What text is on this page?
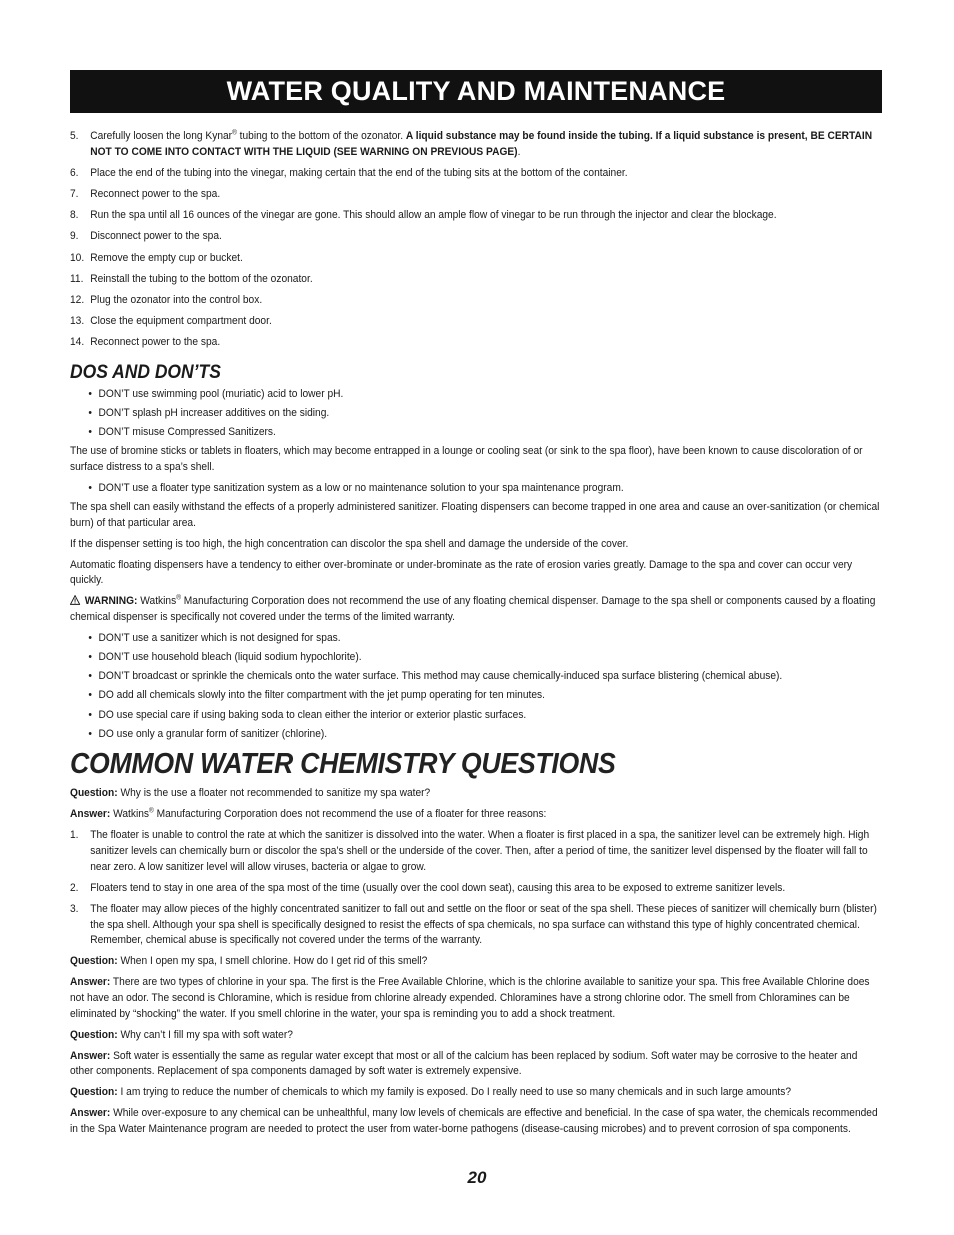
WATER QUALITY AND MAINTENANCE
5.	Carefully loosen the long Kynar® tubing to the bottom of the ozonator. A liquid substance may be found inside the tubing. If a liquid substance is present, BE CERTAIN NOT TO COME INTO CONTACT WITH THE LIQUID (SEE WARNING ON PREVIOUS PAGE).
6.	Place the end of the tubing into the vinegar, making certain that the end of the tubing sits at the bottom of the container.
7.	Reconnect power to the spa.
8.	Run the spa until all 16 ounces of the vinegar are gone. This should allow an ample flow of vinegar to be run through the injector and clear the blockage.
9.	Disconnect power to the spa.
10. Remove the empty cup or bucket.
11. Reinstall the tubing to the bottom of the ozonator.
12. Plug the ozonator into the control box.
13. Close the equipment compartment door.
14. Reconnect power to the spa.
DOS AND DON’TS
• DON’T use swimming pool (muriatic) acid to lower pH.
• DON’T splash pH increaser additives on the siding.
• DON’T misuse Compressed Sanitizers.

The use of bromine sticks or tablets in floaters, which may become entrapped in a lounge or cooling seat (or sink to the spa floor), have been known to cause discoloration of or surface distress to a spa’s shell.

• DON’T use a floater type sanitization system as a low or no maintenance solution to your spa maintenance program.

The spa shell can easily withstand the effects of a properly administered sanitizer. Floating dispensers can become trapped in one area and cause an over-sanitization (or chemical burn) of that particular area.

If the dispenser setting is too high, the high concentration can discolor the spa shell and damage the underside of the cover.

Automatic floating dispensers have a tendency to either over-brominate or under-brominate as the rate of erosion varies greatly. Damage to the spa and cover can occur very quickly.

WARNING: Watkins® Manufacturing Corporation does not recommend the use of any floating chemical dispenser. Damage to the spa shell or components caused by a floating chemical dispenser is specifically not covered under the terms of the limited warranty.

• DON’T use a sanitizer which is not designed for spas.
• DON’T use household bleach (liquid sodium hypochlorite).
• DON’T broadcast or sprinkle the chemicals onto the water surface. This method may cause chemically-induced spa surface blistering (chemical abuse).
• DO add all chemicals slowly into the filter compartment with the jet pump operating for ten minutes.
• DO use special care if using baking soda to clean either the interior or exterior plastic surfaces.
• DO use only a granular form of sanitizer (chlorine).
COMMON WATER CHEMISTRY QUESTIONS

Question: Why is the use a floater not recommended to sanitize my spa water?

Answer: Watkins® Manufacturing Corporation does not recommend the use of a floater for three reasons:

1.	The floater is unable to control the rate at which the sanitizer is dissolved into the water. When a floater is first placed in a spa, the sanitizer level can be extremely high. High sanitizer levels can chemically burn or discolor the spa’s shell or the underside of the cover. Then, after a period of time, the sanitizer level dispensed by the floater will fall to near zero. A low sanitizer level will allow viruses, bacteria or algae to grow.
2.	Floaters tend to stay in one area of the spa most of the time (usually over the cool down seat), causing this area to be exposed to extreme sanitizer levels.
3.	The floater may allow pieces of the highly concentrated sanitizer to fall out and settle on the floor or seat of the spa shell. These pieces of sanitizer will chemically burn (blister) the spa shell. Although your spa shell is specifically designed to resist the effects of spa chemicals, no spa surface can withstand this type of highly concentrated chemical. Remember, chemical abuse is specifically not covered under the terms of the warranty.

Question: When I open my spa, I smell chlorine. How do I get rid of this smell?

Answer: There are two types of chlorine in your spa. The first is the Free Available Chlorine, which is the chlorine available to sanitize your spa. This free Available Chlorine does not have an odor. The second is Chloramine, which is residue from chlorine already expended. Chloramines have a strong chlorine odor. The smell from Chloramines can be eliminated by “shocking” the water. If you smell chlorine in the water, your spa is reminding you to add a shock treatment.

Question: Why can’t I fill my spa with soft water?

Answer: Soft water is essentially the same as regular water except that most or all of the calcium has been replaced by sodium. Soft water may be corrosive to the heater and other components. Replacement of spa components damaged by soft water is extremely expensive.

Question: I am trying to reduce the number of chemicals to which my family is exposed. Do I really need to use so many chemicals and in such large amounts?

Answer: While over-exposure to any chemical can be unhealthful, many low levels of chemicals are effective and beneficial. In the case of spa water, the chemicals recommended in the Spa Water Maintenance program are needed to protect the user from water-borne pathogens (disease-causing microbes) and to prevent corrosion of spa components.

20
